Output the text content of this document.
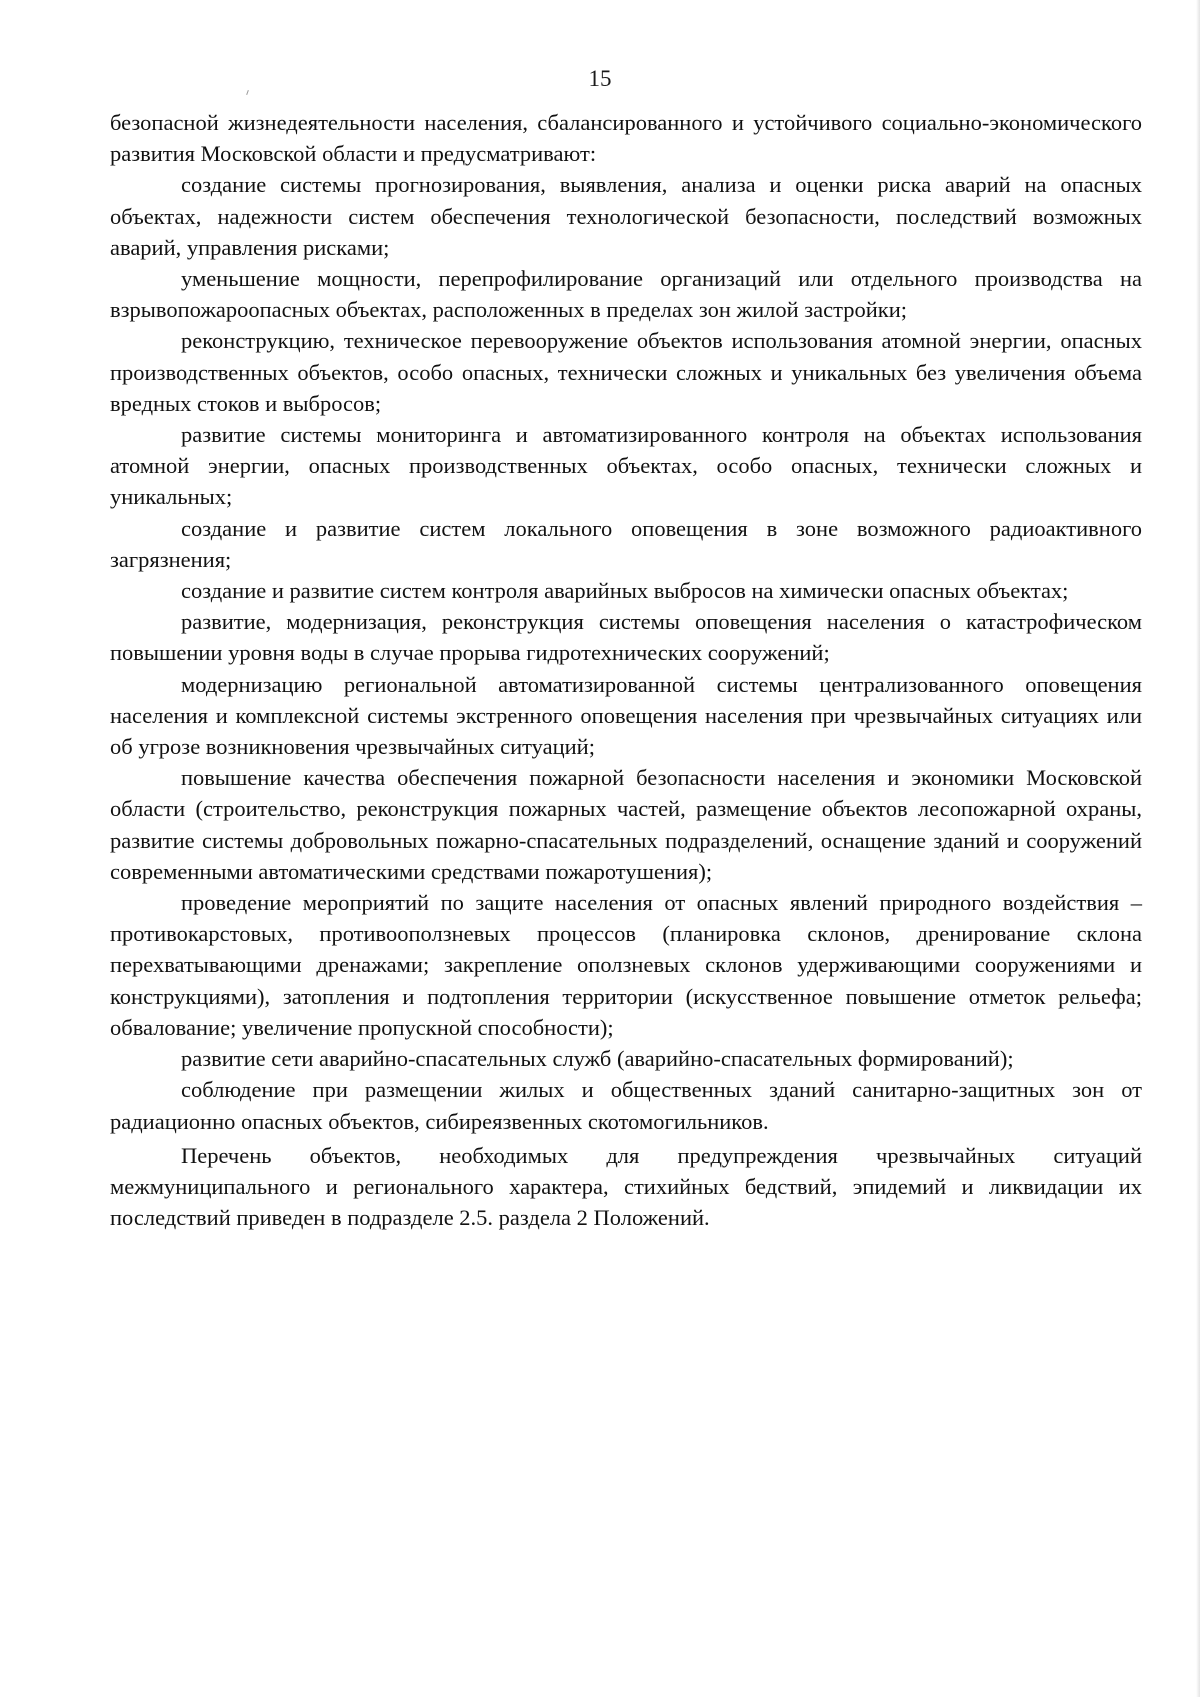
15

безопасной жизнедеятельности населения, сбалансированного и устойчивого социально-экономического развития Московской области и предусматривают:

создание системы прогнозирования, выявления, анализа и оценки риска аварий на опасных объектах, надежности систем обеспечения технологической безопасности, последствий возможных аварий, управления рисками;

уменьшение мощности, перепрофилирование организаций или отдельного производства на взрывопожароопасных объектах, расположенных в пределах зон жилой застройки;

реконструкцию, техническое перевооружение объектов использования атомной энергии, опасных производственных объектов, особо опасных, технически сложных и уникальных без увеличения объема вредных стоков и выбросов;

развитие системы мониторинга и автоматизированного контроля на объектах использования атомной энергии, опасных производственных объектах, особо опасных, технически сложных и уникальных;

создание и развитие систем локального оповещения в зоне возможного радиоактивного загрязнения;

создание и развитие систем контроля аварийных выбросов на химически опасных объектах;

развитие, модернизация, реконструкция системы оповещения населения о катастрофическом повышении уровня воды в случае прорыва гидротехнических сооружений;

модернизацию региональной автоматизированной системы централизованного оповещения населения и комплексной системы экстренного оповещения населения при чрезвычайных ситуациях или об угрозе возникновения чрезвычайных ситуаций;

повышение качества обеспечения пожарной безопасности населения и экономики Московской области (строительство, реконструкция пожарных частей, размещение объектов лесопожарной охраны, развитие системы добровольных пожарно-спасательных подразделений, оснащение зданий и сооружений современными автоматическими средствами пожаротушения);

проведение мероприятий по защите населения от опасных явлений природного воздействия – противокарстовых, противооползневых процессов (планировка склонов, дренирование склона перехватывающими дренажами; закрепление оползневых склонов удерживающими сооружениями и конструкциями), затопления и подтопления территории (искусственное повышение отметок рельефа; обвалование; увеличение пропускной способности);

развитие сети аварийно-спасательных служб (аварийно-спасательных формирований);

соблюдение при размещении жилых и общественных зданий санитарно-защитных зон от радиационно опасных объектов, сибиреязвенных скотомогильников.

Перечень объектов, необходимых для предупреждения чрезвычайных ситуаций межмуниципального и регионального характера, стихийных бедствий, эпидемий и ликвидации их последствий приведен в подразделе 2.5. раздела 2 Положений.
